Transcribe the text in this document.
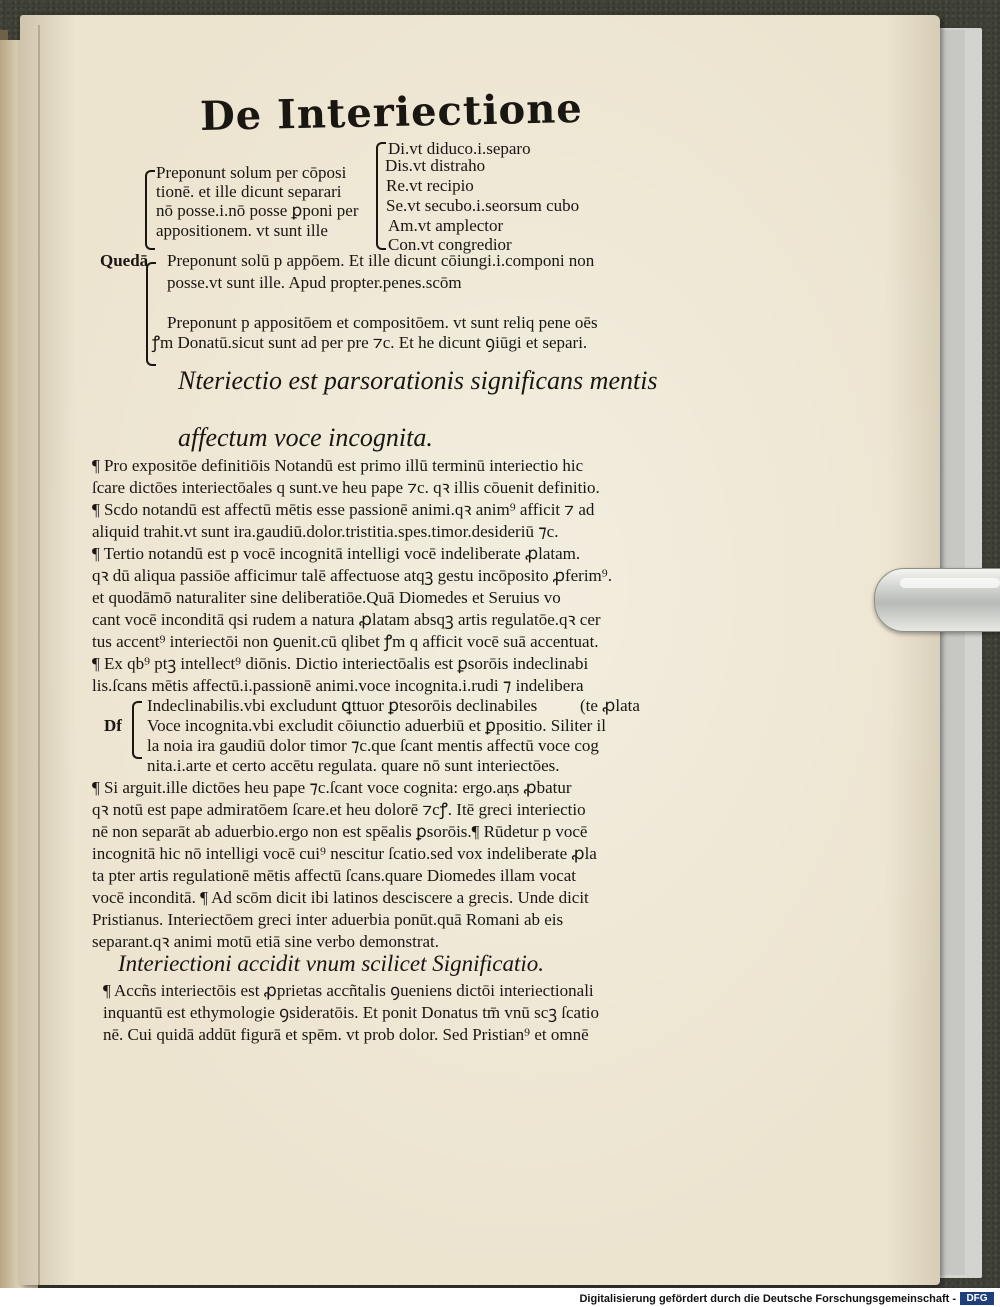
De Interiectione
Di.vt diduco.i.separo
Dis.vt distraho
Re.vt recipio
Se.vt secubo.i.seorsum cubo
Am.vt amplector
Con.vt congredior
Preponunt solum per cōposi
tionē. et ille dicunt separari
nō posse.i.nō posse ꝑponi per
appositionem. vt sunt ille
Quedā Preponunt solū p appōem. Et ille dicunt cōiungi.i.componi non
posse.vt sunt ille. Apud propter.penes.scōm
Preponunt p appositōem et compositōem. vt sunt reliq pene oēs
ꝭm Donatū.sicut sunt ad per pre ⁊c. Et he dicunt ꝯiūgi et separi.
Nteriectio est parsorationis significans mentis
affectum voce incognita.
¶ Pro expositōe definitiōis Notandū est primo illū terminū interiectio hic
ſcare dictōes interiectōales q sunt.ve heu pape ⁊c. qꝛ illis cōuenit definitio.
¶ Scdo notandū est affectū mētis esse passionē animi.qꝛ anim⁹ afficit ⁊ ad
aliquid trahit.vt sunt ira.gaudiū.dolor.tristitia.spes.timor.desideriū ⁊c.
¶ Tertio notandū est p vocē incognitā intelligi vocē indeliberate ꝓlatam.
qꝛ dū aliqua passiōe afficimur talē affectuose atqꝫ gestu incōposito ꝓferim⁹.
et quodāmō naturaliter sine deliberatiōe.Quā Diomedes et Seruius vo
cant vocē inconditā qsi rudem a natura ꝓlatam absqꝫ artis regulatōe.qꝛ cer
tus accent⁹ interiectōi non ꝯuenit.cū qlibet ꝭm q afficit vocē suā accentuat.
¶ Ex qb⁹ ptꝫ intellect⁹ diōnis. Dictio interiectōalis est ꝑsorōis indeclinabi
lis.ſcans mētis affectū.i.passionē animi.voce incognita.i.rudi ⁊ indelibera
(te ꝓlata
Indeclinabilis.vbi excludunt ꝗttuor ꝑtesorōis declinabiles
Df Voce incognita.vbi excludit cōiunctio aduerbiū et ꝑpositio. Siliter il
la noia ira gaudiū dolor timor ⁊c.que ſcant mentis affectū voce cog
nita.i.arte et certo accētu regulata. quare nō sunt interiectōes.
¶ Si arguit.ille dictōes heu pape ⁊c.ſcant voce cognita: ergo.aņs ꝓbatur
qꝛ notū est pape admiratōem ſcare.et heu dolorē ⁊cꝭ. Itē greci interiectio
nē non separāt ab aduerbio.ergo non est spēalis ꝑsorōis.¶ Rūdetur p vocē
incognitā hic nō intelligi vocē cui⁹ nescitur ſcatio.sed vox indeliberate ꝓla
ta pter artis regulationē mētis affectū ſcans.quare Diomedes illam vocat
vocē inconditā. ¶ Ad scōm dicit ibi latinos desciscere a grecis. Unde dicit
Pristianus. Interiectōem greci inter aduerbia ponūt.quā Romani ab eis
separant.qꝛ animi motū etiā sine verbo demonstrat.
Interiectioni accidit vnum scilicet Significatio.
¶ Accñs interiectōis est ꝓprietas accñtalis ꝯueniens dictōi interiectionali
inquantū est ethymologie ꝯsideratōis. Et ponit Donatus tm̄ vnū scꝫ ſcatio
nē. Cui quidā addūt figurā et spēm. vt prob dolor. Sed Pristian⁹ et omnē
Digitalisierung gefördert durch die Deutsche Forschungsgemeinschaft -	DFG
